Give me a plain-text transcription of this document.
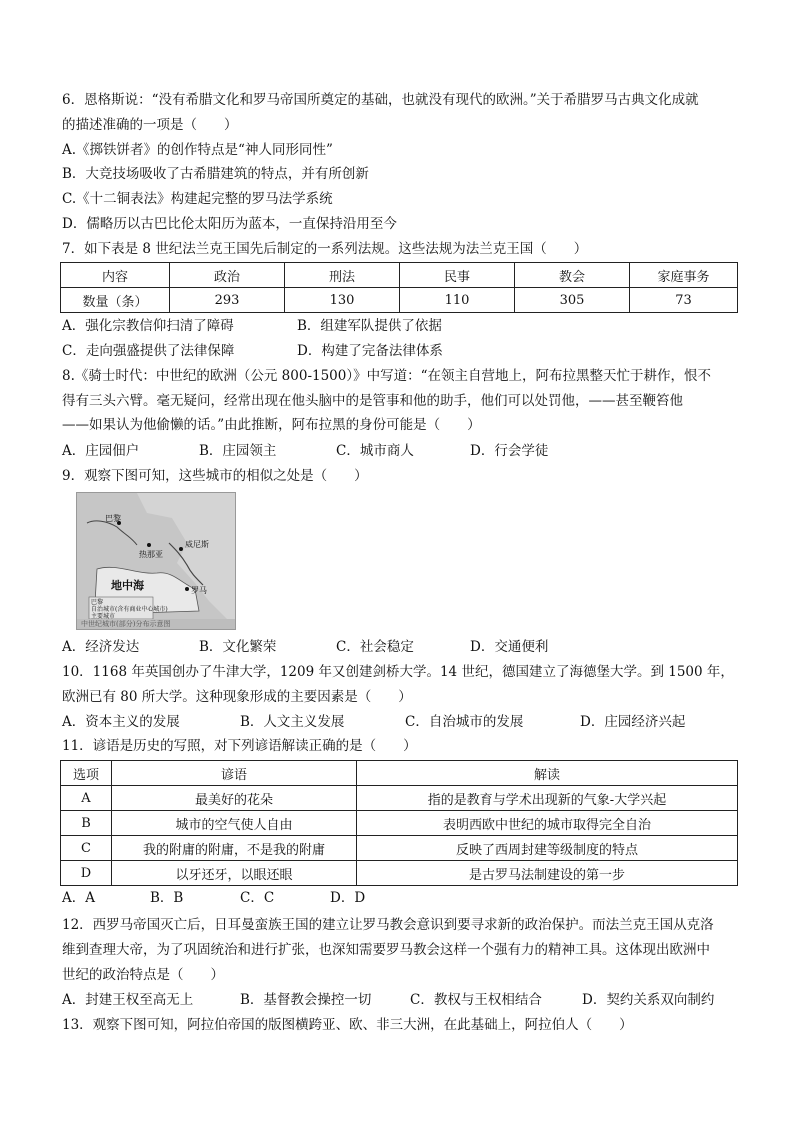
6．恩格斯说：“没有希腊文化和罗马帝国所奠定的基础，也就没有现代的欧洲。”关于希腊罗马古典文化成就
的描述准确的一项是（　　）
A.《掷铁饼者》的创作特点是“神人同形同性”
B．大竞技场吸收了古希腊建筑的特点，并有所创新
C.《十二铜表法》构建起完整的罗马法学系统
D．儒略历以古巴比伦太阳历为蓝本，一直保持沿用至今
7．如下表是 8 世纪法兰克王国先后制定的一系列法规。这些法规为法兰克王国（　　）
内容	政治	刑法	民事	教会	家庭事务
数量（条）	293	130	110	305	73
A．强化宗教信仰扫清了障碍	B．组建军队提供了依据
C．走向强盛提供了法律保障	D．构建了完备法律体系
8.《骑士时代：中世纪的欧洲（公元 800-1500）》中写道：“在领主自营地上，阿布拉黑整天忙于耕作，恨不
得有三头六臂。毫无疑问，经常出现在他头脑中的是管事和他的助手，他们可以处罚他，——甚至鞭笞他
——如果认为他偷懒的话。”由此推断，阿布拉黑的身份可能是（　　）
A．庄园佃户	B．庄园领主	C．城市商人	D．行会学徒
9．观察下图可知，这些城市的相似之处是（　　）
巴黎
热那亚
威尼斯
罗马
地中海
巴黎
自治城市(含有商业中心城市)
主要城市
中世纪城市(部分)分布示意图
A．经济发达	B．文化繁荣	C．社会稳定	D．交通便利
10．1168 年英国创办了牛津大学，1209 年又创建剑桥大学。14 世纪，德国建立了海德堡大学。到 1500 年，
欧洲已有 80 所大学。这种现象形成的主要因素是（　　）
A．资本主义的发展	B．人文主义发展	C．自治城市的发展	D．庄园经济兴起
11．谚语是历史的写照，对下列谚语解读正确的是（　　）
选项	谚语	解读
A	最美好的花朵	指的是教育与学术出现新的气象-大学兴起
B	城市的空气使人自由	表明西欧中世纪的城市取得完全自治
C	我的附庸的附庸，不是我的附庸	反映了西周封建等级制度的特点
D	以牙还牙，以眼还眼	是古罗马法制建设的第一步
A．A	B．B	C．C	D．D
12．西罗马帝国灭亡后，日耳曼蛮族王国的建立让罗马教会意识到要寻求新的政治保护。而法兰克王国从克洛
维到查理大帝，为了巩固统治和进行扩张，也深知需要罗马教会这样一个强有力的精神工具。这体现出欧洲中
世纪的政治特点是（　　）
A．封建王权至高无上	B．基督教会操控一切	C．教权与王权相结合	D．契约关系双向制约
13．观察下图可知，阿拉伯帝国的版图横跨亚、欧、非三大洲，在此基础上，阿拉伯人（　　）
